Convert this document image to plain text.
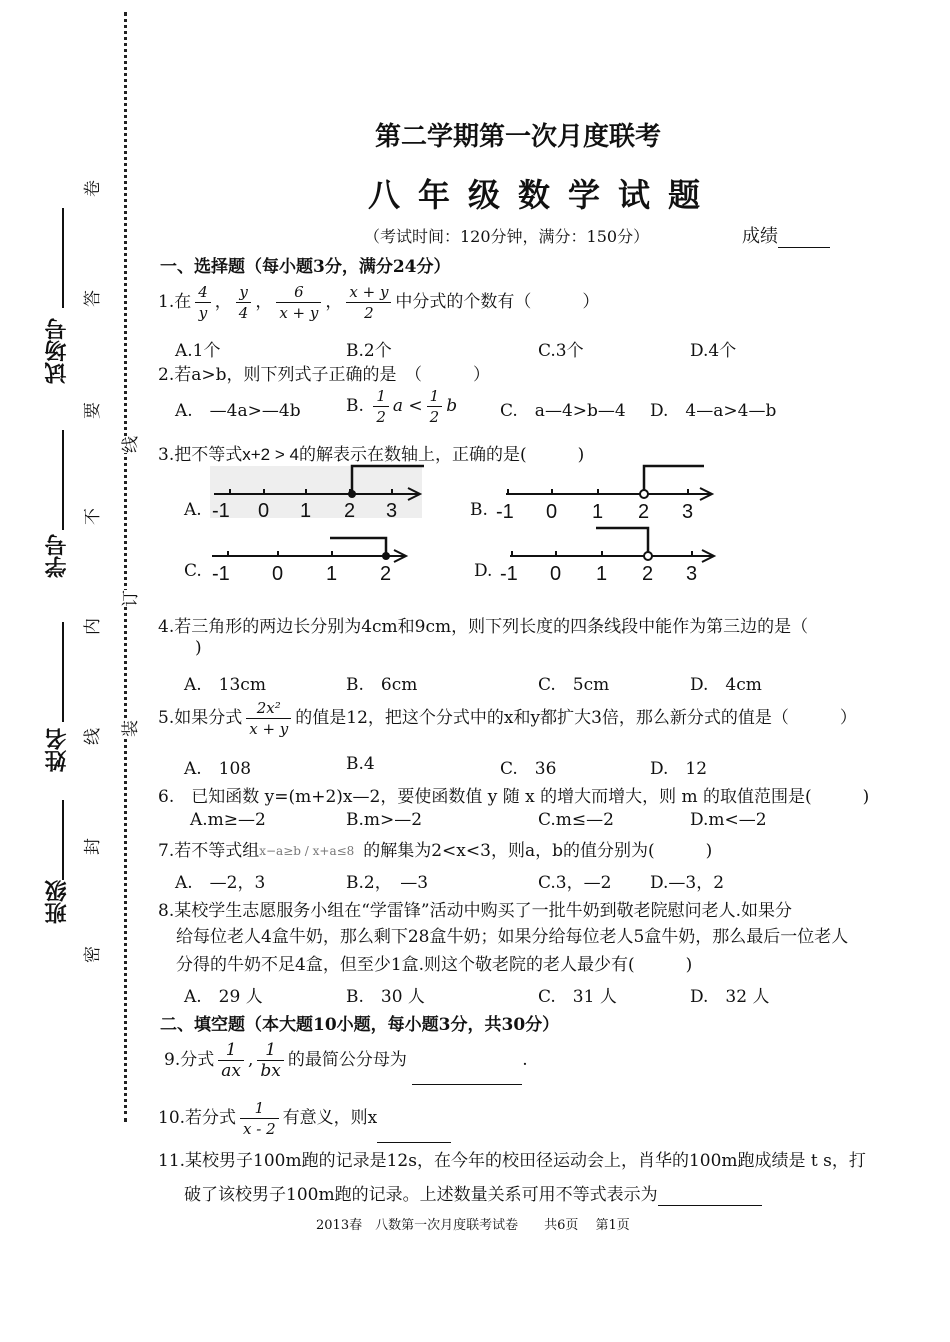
试场号
学号
姓名
班级
卷
答
要
不
内
线
封
密
线
订
装
第二学期第一次月度联考
八年级数学试题
（考试时间：120分钟，满分：150分）	成绩
一、选择题（每小题3分，满分24分）
1.在 $\frac{4}{y}$ ， $\frac{y}{4}$ ， $\frac{6}{x + y}$ ， $\frac{x + y}{2}$ 中分式的个数有（　　　）
A.1个	B.2个	C.3个	D.4个
2.若a>b，则下列式子正确的是　（　　　）
A.　—4a>—4b	B. $\frac{1}{2}$ $a < \frac{1}{2}$ b	C.　a—4>b—4 D.　4—a>4—b
3.把不等式x+2 > 4的解表示在数轴上，正确的是(　　　)
A. -1 0 1 2 3	B. -1 0 1 2 3
C. -1 0 1 2	D. -1 0 1 2 3
4.若三角形的两边长分别为4cm和9cm，则下列长度的四条线段中能作为第三边的是（
)
A.　13cm	B.　6cm	C.　5cm	D.　4cm
5.如果分式 $\frac{\text{2x²}}{x + y}$ 的值是12，把这个分式中的x和y都扩大3倍，那么新分式的值是（　　　）
A.　108	B.4	C.　36	D.　12
6.　已知函数 y=(m+2)x—2，要使函数值 y 随 x 的增大而增大，则 m 的取值范围是(　　　)
A.m≥—2	B.m>—2	C.m≤—2	D.m<—2
7.若不等式组x−a≥b / x+a≤8 的解集为2<x<3，则a，b的值分别为(　　　)
A.　—2，3	B.2，　—3	C.3，—2 D.—3，2
8.某校学生志愿服务小组在“学雷锋”活动中购买了一批牛奶到敬老院慰问老人.如果分
给每位老人4盒牛奶，那么剩下28盒牛奶；如果分给每位老人5盒牛奶，那么最后一位老人
分得的牛奶不足4盒，但至少1盒.则这个敬老院的老人最少有(　　　)
A.　29 人	B.　30 人	C.　31 人	D.　32 人
二、填空题（本大题10小题，每小题3分，共30分）
9.分式 $\frac{1}{ax}$ , $\frac{1}{bx}$ 的最简公分母为	.
10.若分式 $\frac{1}{x - 2}$ 有意义，则x
11.某校男子100m跑的记录是12s，在今年的校田径运动会上，肖华的100m跑成绩是 t s，打
破了该校男子100m跑的记录。上述数量关系可用不等式表示为
2013春　八数第一次月度联考试卷　　共6页　 第1页
